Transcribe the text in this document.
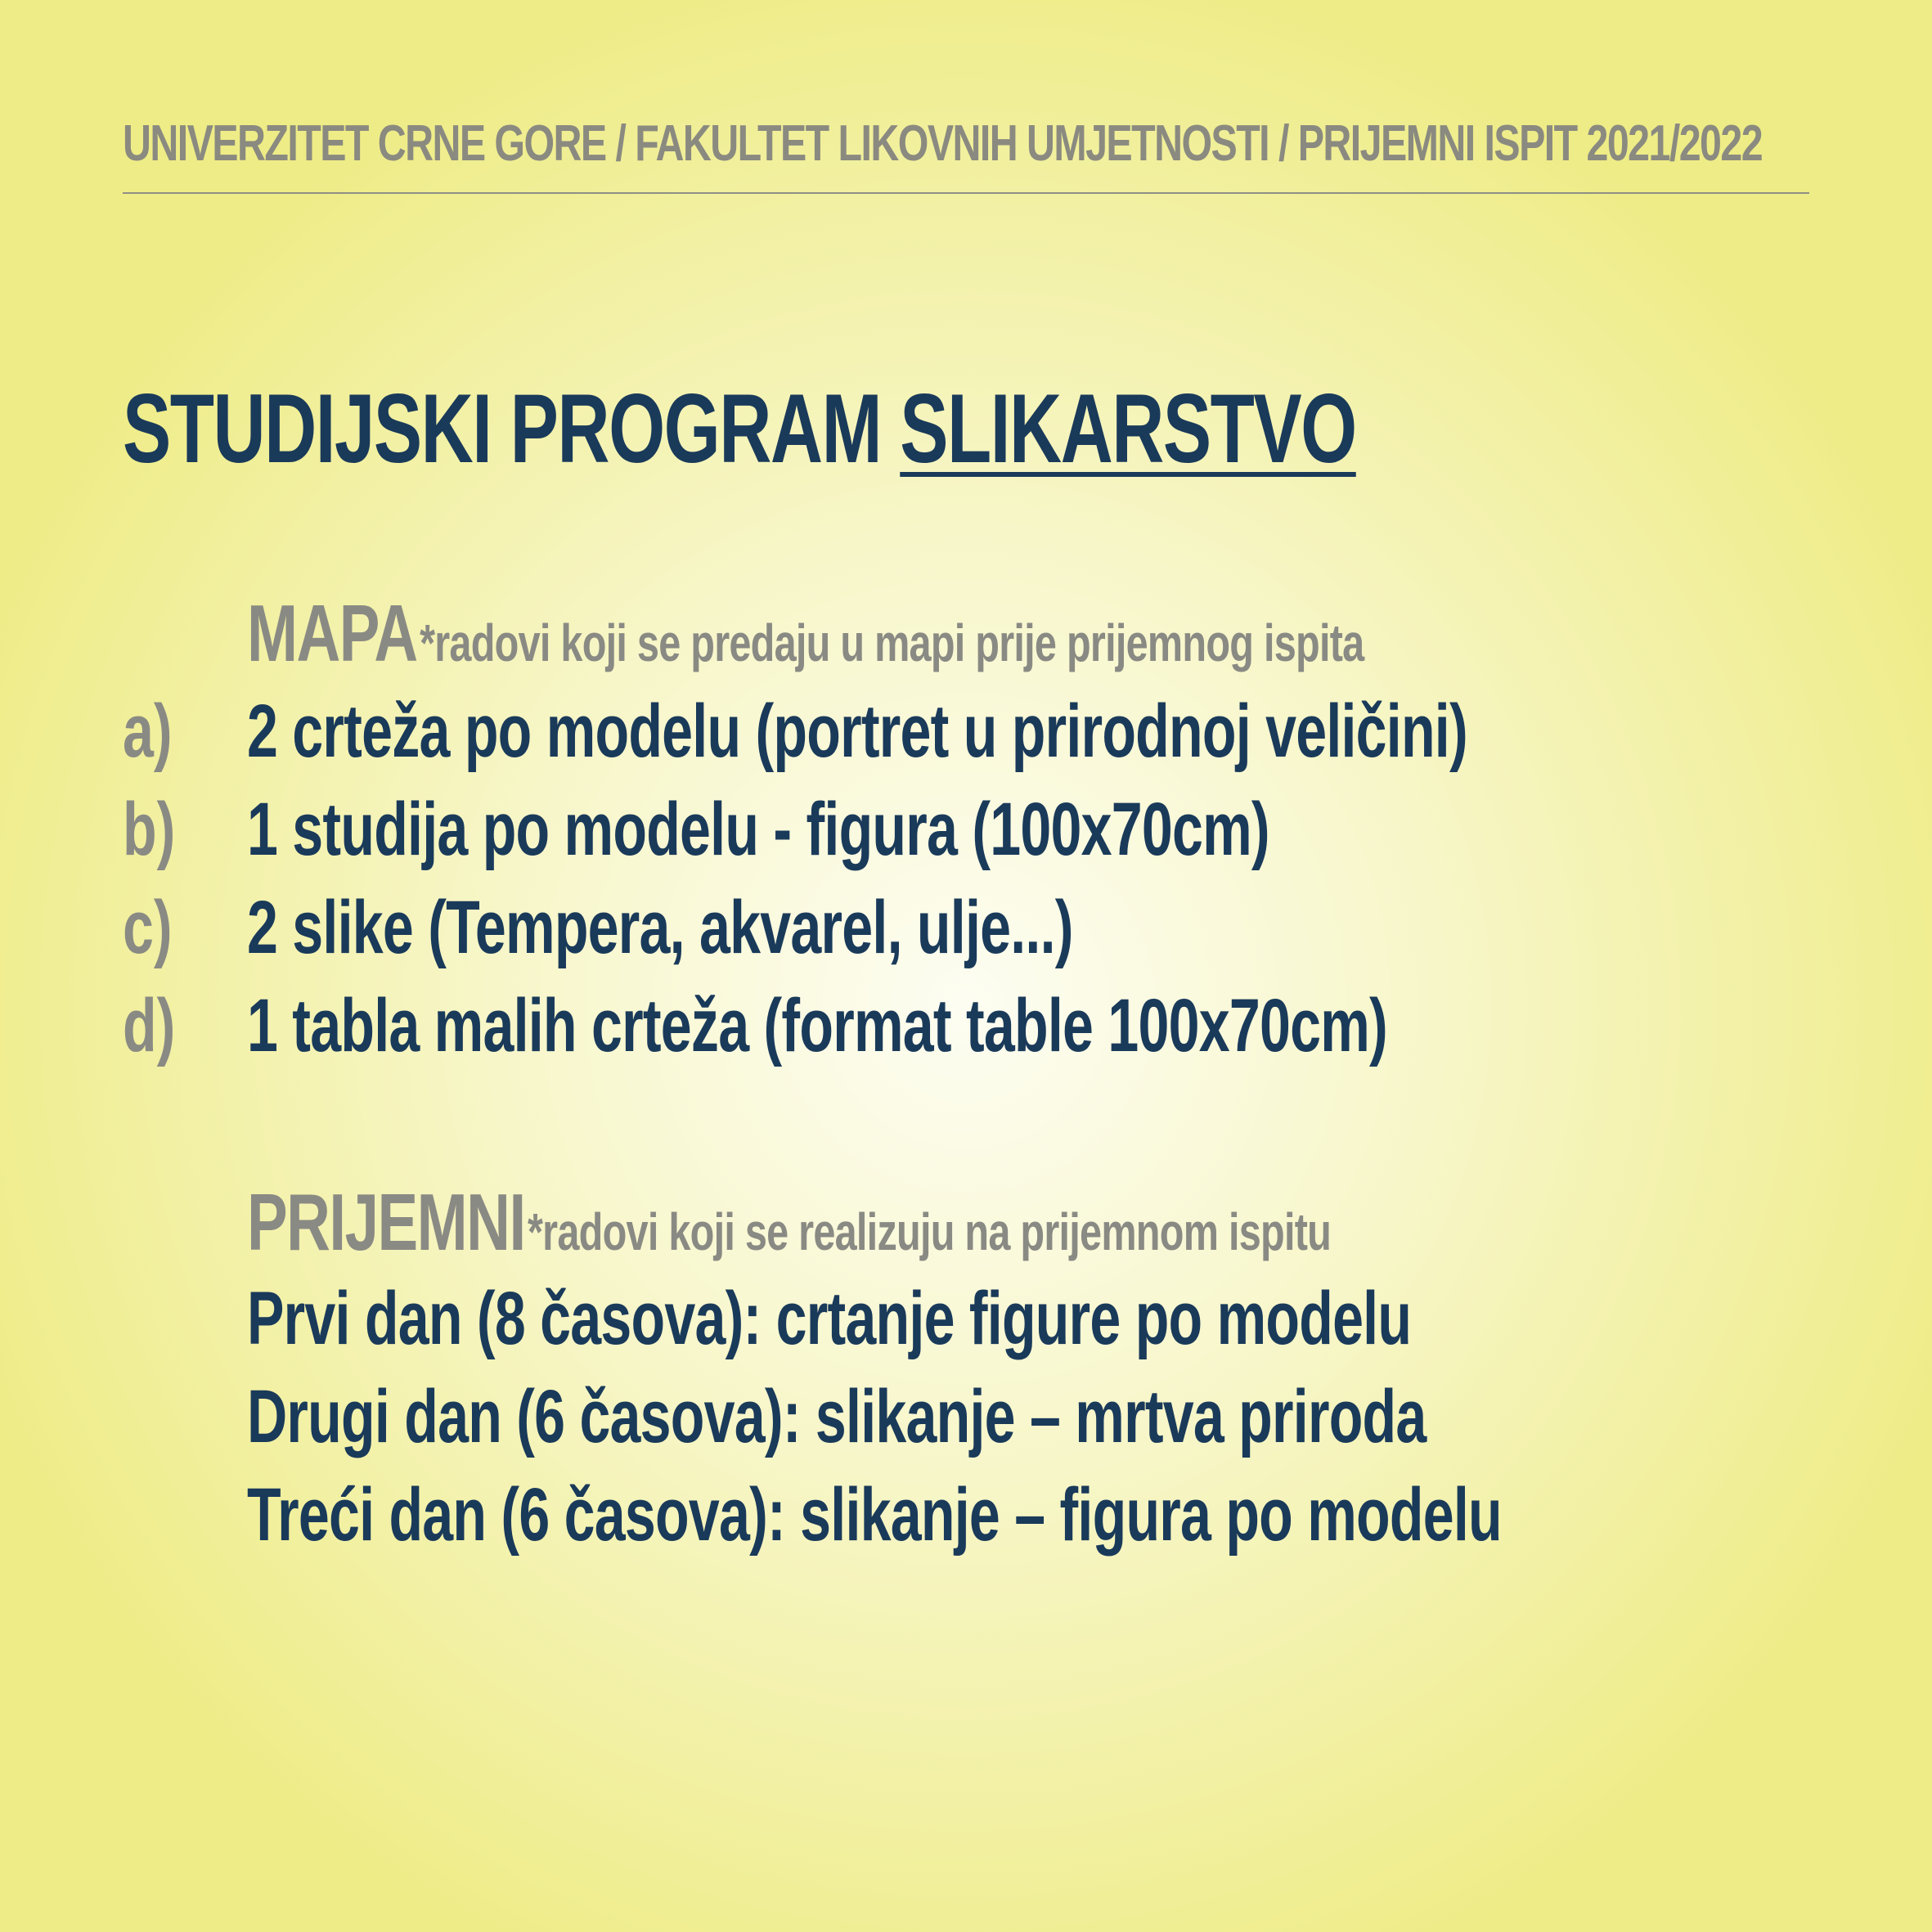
UNIVERZITET CRNE GORE / FAKULTET LIKOVNIH UMJETNOSTI / PRIJEMNI ISPIT 2021/2022
STUDIJSKI PROGRAM SLIKARSTVO
MAPA *radovi koji se predaju u mapi prije prijemnog ispita
a) 2 crteža po modelu (portret u prirodnoj veličini)
b) 1 studija po modelu - figura (100x70cm)
c) 2 slike (Tempera, akvarel, ulje...)
d) 1 tabla malih crteža (format table 100x70cm)
PRIJEMNI *radovi koji se realizuju na prijemnom ispitu
Prvi dan (8 časova): crtanje figure po modelu
Drugi dan (6 časova): slikanje – mrtva priroda
Treći dan (6 časova): slikanje – figura po modelu
